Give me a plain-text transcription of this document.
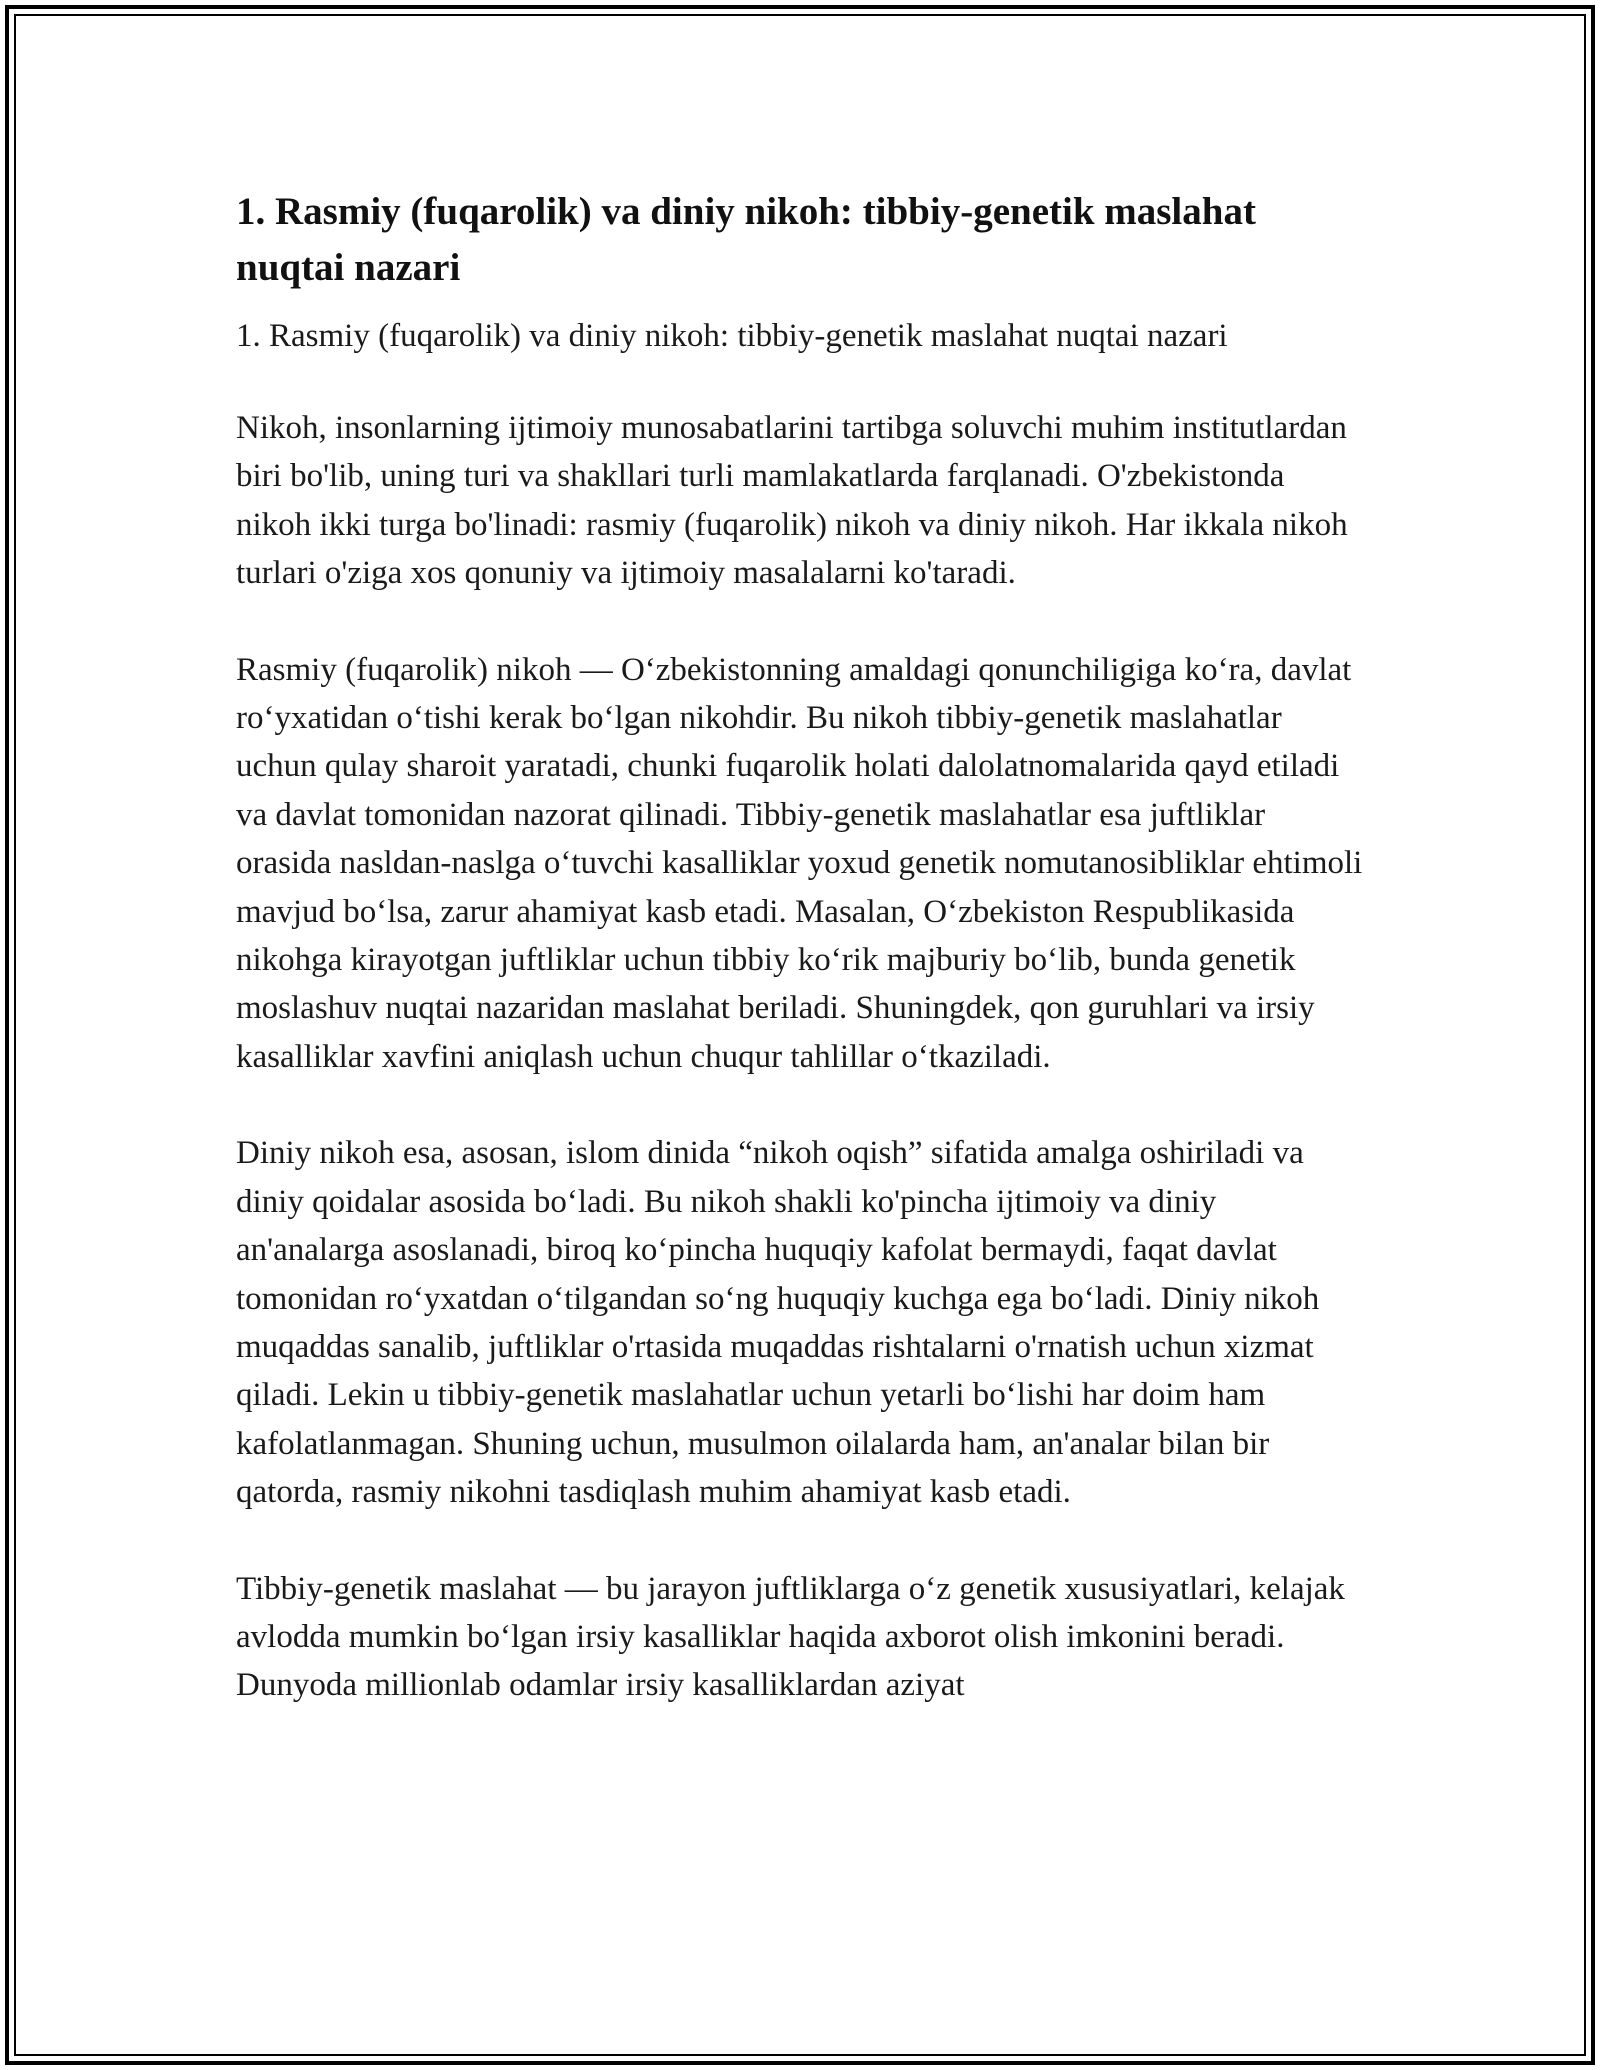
1. Rasmiy (fuqarolik) va diniy nikoh: tibbiy-genetik maslahat nuqtai nazari
1. Rasmiy (fuqarolik) va diniy nikoh: tibbiy-genetik maslahat nuqtai nazari

Nikoh, insonlarning ijtimoiy munosabatlarini tartibga soluvchi muhim institutlardan biri bo'lib, uning turi va shakllari turli mamlakatlarda farqlanadi. O'zbekistonda nikoh ikki turga bo'linadi: rasmiy (fuqarolik) nikoh va diniy nikoh. Har ikkala nikoh turlari o'ziga xos qonuniy va ijtimoiy masalalarni ko'taradi.

Rasmiy (fuqarolik) nikoh — O‘zbekistonning amaldagi qonunchiligiga ko‘ra, davlat ro‘yxatidan o‘tishi kerak bo‘lgan nikohdir. Bu nikoh tibbiy-genetik maslahatlar uchun qulay sharoit yaratadi, chunki fuqarolik holati dalolatnomalarida qayd etiladi va davlat tomonidan nazorat qilinadi. Tibbiy-genetik maslahatlar esa juftliklar orasida nasldan-naslga o‘tuvchi kasalliklar yoxud genetik nomutanosibliklar ehtimoli mavjud bo‘lsa, zarur ahamiyat kasb etadi. Masalan, O‘zbekiston Respublikasida nikohga kirayotgan juftliklar uchun tibbiy ko‘rik majburiy bo‘lib, bunda genetik moslashuv nuqtai nazaridan maslahat beriladi. Shuningdek, qon guruhlari va irsiy kasalliklar xavfini aniqlash uchun chuqur tahlillar o‘tkaziladi.

Diniy nikoh esa, asosan, islom dinida “nikoh oqish” sifatida amalga oshiriladi va diniy qoidalar asosida bo‘ladi. Bu nikoh shakli ko'pincha ijtimoiy va diniy an'analarga asoslanadi, biroq ko‘pincha huquqiy kafolat bermaydi, faqat davlat tomonidan ro‘yxatdan o‘tilgandan so‘ng huquqiy kuchga ega bo‘ladi. Diniy nikoh muqaddas sanalib, juftliklar o'rtasida muqaddas rishtalarni o'rnatish uchun xizmat qiladi. Lekin u tibbiy-genetik maslahatlar uchun yetarli bo‘lishi har doim ham kafolatlanmagan. Shuning uchun, musulmon oilalarda ham, an'analar bilan bir qatorda, rasmiy nikohni tasdiqlash muhim ahamiyat kasb etadi.

Tibbiy-genetik maslahat — bu jarayon juftliklarga o‘z genetik xususiyatlari, kelajak avlodda mumkin bo‘lgan irsiy kasalliklar haqida axborot olish imkonini beradi. Dunyoda millionlab odamlar irsiy kasalliklardan aziyat
